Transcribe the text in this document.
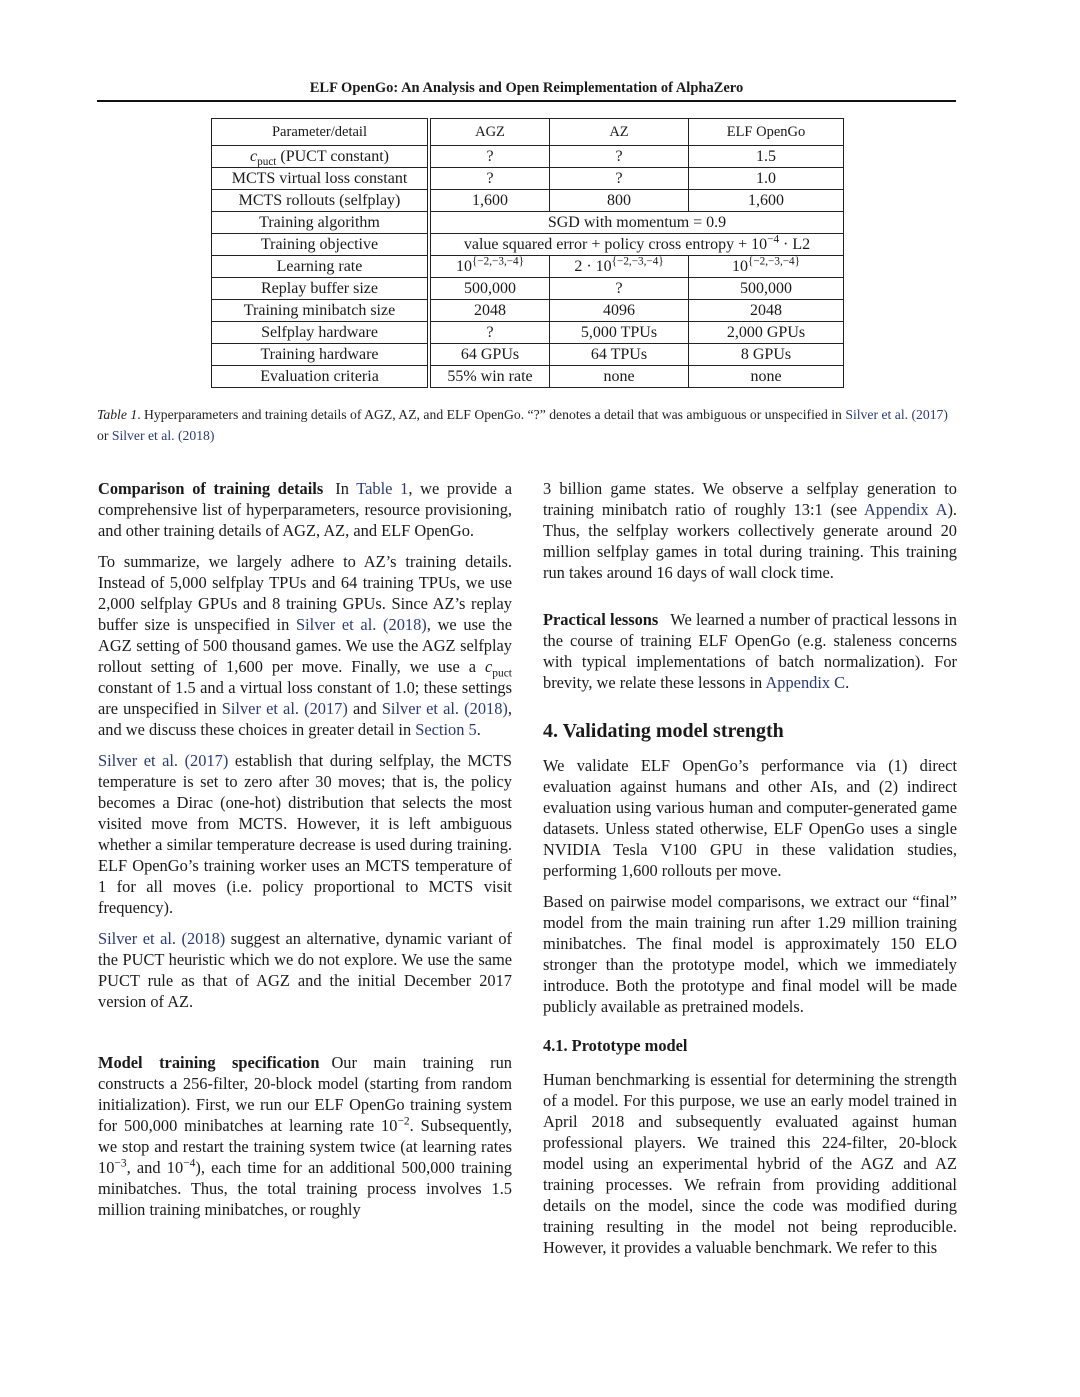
ELF OpenGo: An Analysis and Open Reimplementation of AlphaZero
Parameter/detail	AGZ	AZ	ELF OpenGo
$c_{puct}$ (PUCT constant)	?	?	1.5
MCTS virtual loss constant	?	?	1.0
MCTS rollouts (selfplay)	1,600	800	1,600
Training algorithm	SGD with momentum = 0.9		
Training objective	value squared error + policy cross entropy + $10^{-4} \cdot L2$		
Learning rate	$10^{\{-2,-3,-4\}}$	$2 \cdot 10^{\{-2,-3,-4\}}$	$10^{\{-2,-3,-4\}}$
Replay buffer size	500,000	?	500,000
Training minibatch size	2048	4096	2048
Selfplay hardware	?	5,000 TPUs	2,000 GPUs
Training hardware	64 GPUs	64 TPUs	8 GPUs
Evaluation criteria	55% win rate	none	none
Table 1. Hyperparameters and training details of AGZ, AZ, and ELF OpenGo. “?” denotes a detail that was ambiguous or unspecified in Silver et al. (2017) or Silver et al. (2018)

Comparison of training details In Table 1, we provide a comprehensive list of hyperparameters, resource provisioning, and other training details of AGZ, AZ, and ELF OpenGo.

To summarize, we largely adhere to AZ’s training details. Instead of 5,000 selfplay TPUs and 64 training TPUs, we use 2,000 selfplay GPUs and 8 training GPUs. Since AZ’s replay buffer size is unspecified in Silver et al. (2018), we use the AGZ setting of 500 thousand games. We use the AGZ selfplay rollout setting of 1,600 per move. Finally, we use a $c_{puct}$ constant of 1.5 and a virtual loss constant of 1.0; these settings are unspecified in Silver et al. (2017) and Silver et al. (2018), and we discuss these choices in greater detail in Section 5.

Silver et al. (2017) establish that during selfplay, the MCTS temperature is set to zero after 30 moves; that is, the policy becomes a Dirac (one-hot) distribution that selects the most visited move from MCTS. However, it is left ambiguous whether a similar temperature decrease is used during training. ELF OpenGo’s training worker uses an MCTS temperature of 1 for all moves (i.e. policy proportional to MCTS visit frequency).

Silver et al. (2018) suggest an alternative, dynamic variant of the PUCT heuristic which we do not explore. We use the same PUCT rule as that of AGZ and the initial December 2017 version of AZ.

Model training specification Our main training run constructs a 256-filter, 20-block model (starting from random initialization). First, we run our ELF OpenGo training system for 500,000 minibatches at learning rate $10^{-2}$. Subsequently, we stop and restart the training system twice (at learning rates $10^{-3}$, and $10^{-4}$), each time for an additional 500,000 training minibatches. Thus, the total training process involves 1.5 million training minibatches, or roughly

3 billion game states. We observe a selfplay generation to training minibatch ratio of roughly 13:1 (see Appendix A). Thus, the selfplay workers collectively generate around 20 million selfplay games in total during training. This training run takes around 16 days of wall clock time.

Practical lessons We learned a number of practical lessons in the course of training ELF OpenGo (e.g. staleness concerns with typical implementations of batch normalization). For brevity, we relate these lessons in Appendix C.

4. Validating model strength

We validate ELF OpenGo’s performance via (1) direct evaluation against humans and other AIs, and (2) indirect evaluation using various human and computer-generated game datasets. Unless stated otherwise, ELF OpenGo uses a single NVIDIA Tesla V100 GPU in these validation studies, performing 1,600 rollouts per move.

Based on pairwise model comparisons, we extract our “final” model from the main training run after 1.29 million training minibatches. The final model is approximately 150 ELO stronger than the prototype model, which we immediately introduce. Both the prototype and final model will be made publicly available as pretrained models.

4.1. Prototype model

Human benchmarking is essential for determining the strength of a model. For this purpose, we use an early model trained in April 2018 and subsequently evaluated against human professional players. We trained this 224-filter, 20-block model using an experimental hybrid of the AGZ and AZ training processes. We refrain from providing additional details on the model, since the code was modified during training resulting in the model not being reproducible. However, it provides a valuable benchmark. We refer to this
